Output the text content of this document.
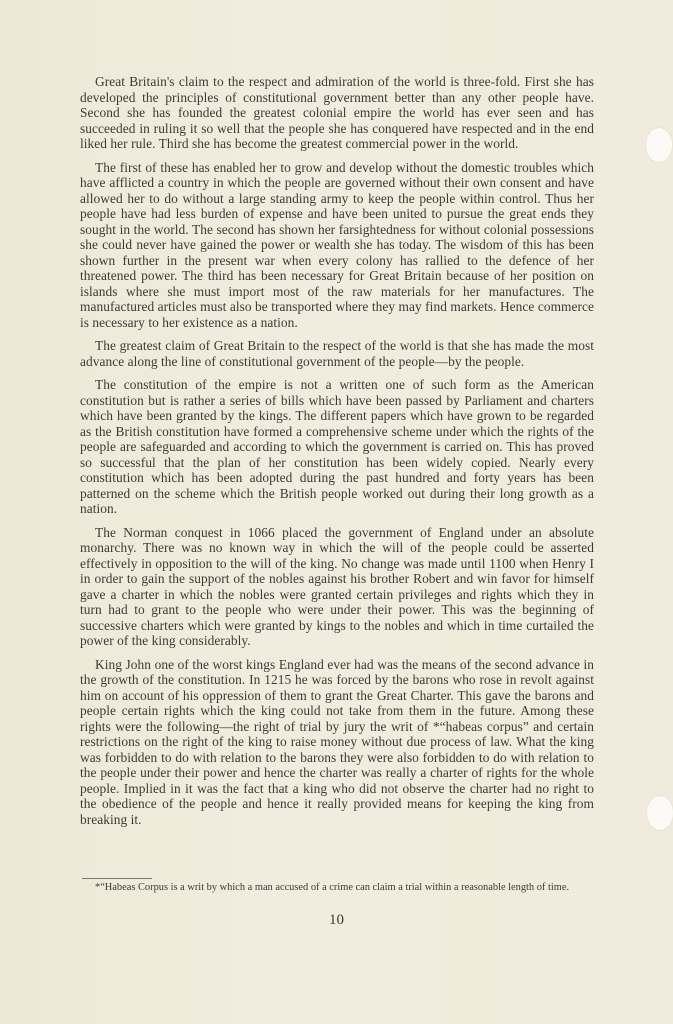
Great Britain's claim to the respect and admiration of the world is three-fold. First she has developed the principles of constitutional government better than any other people have. Second she has founded the greatest colonial empire the world has ever seen and has succeeded in ruling it so well that the people she has conquered have respected and in the end liked her rule. Third she has become the greatest commercial power in the world.

The first of these has enabled her to grow and develop without the domestic troubles which have afflicted a country in which the people are governed without their own consent and have allowed her to do without a large standing army to keep the people within control. Thus her people have had less burden of expense and have been united to pursue the great ends they sought in the world. The second has shown her farsightedness for without colonial possessions she could never have gained the power or wealth she has today. The wisdom of this has been shown further in the present war when every colony has rallied to the defence of her threatened power. The third has been necessary for Great Britain because of her position on islands where she must import most of the raw materials for her manufactures. The manufactured articles must also be transported where they may find markets. Hence commerce is necessary to her existence as a nation.

The greatest claim of Great Britain to the respect of the world is that she has made the most advance along the line of constitutional government of the people—by the people.

The constitution of the empire is not a written one of such form as the American constitution but is rather a series of bills which have been passed by Parliament and charters which have been granted by the kings. The different papers which have grown to be regarded as the British constitution have formed a comprehensive scheme under which the rights of the people are safeguarded and according to which the government is carried on. This has proved so successful that the plan of her constitution has been widely copied. Nearly every constitution which has been adopted during the past hundred and forty years has been patterned on the scheme which the British people worked out during their long growth as a nation.

The Norman conquest in 1066 placed the government of England under an absolute monarchy. There was no known way in which the will of the people could be asserted effectively in opposition to the will of the king. No change was made until 1100 when Henry I in order to gain the support of the nobles against his brother Robert and win favor for himself gave a charter in which the nobles were granted certain privileges and rights which they in turn had to grant to the people who were under their power. This was the beginning of successive charters which were granted by kings to the nobles and which in time curtailed the power of the king considerably.

King John one of the worst kings England ever had was the means of the second advance in the growth of the constitution. In 1215 he was forced by the barons who rose in revolt against him on account of his oppression of them to grant the Great Charter. This gave the barons and people certain rights which the king could not take from them in the future. Among these rights were the following—the right of trial by jury the writ of *“habeas corpus” and certain restrictions on the right of the king to raise money without due process of law. What the king was forbidden to do with relation to the barons they were also forbidden to do with relation to the people under their power and hence the charter was really a charter of rights for the whole people. Implied in it was the fact that a king who did not observe the charter had no right to the obedience of the people and hence it really provided means for keeping the king from breaking it.

*“Habeas Corpus is a writ by which a man accused of a crime can claim a trial within a reasonable length of time.

10
